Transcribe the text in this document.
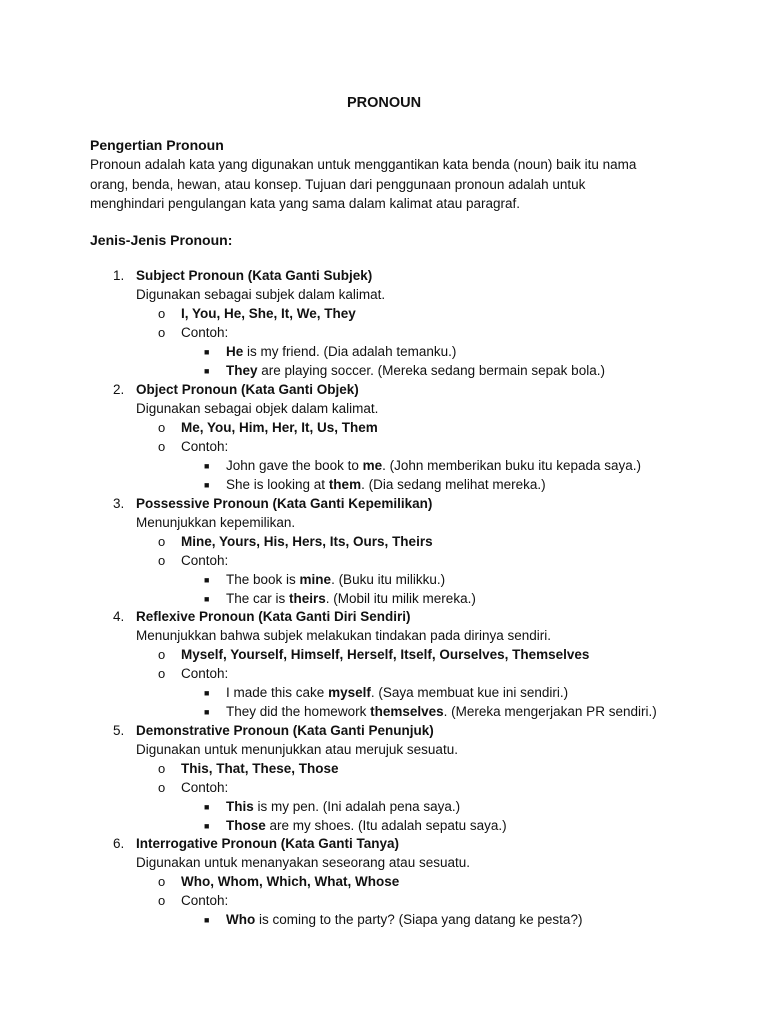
PRONOUN
Pengertian Pronoun
Pronoun adalah kata yang digunakan untuk menggantikan kata benda (noun) baik itu nama
orang, benda, hewan, atau konsep. Tujuan dari penggunaan pronoun adalah untuk
menghindari pengulangan kata yang sama dalam kalimat atau paragraf.
Jenis-Jenis Pronoun:
1. Subject Pronoun (Kata Ganti Subjek)
Digunakan sebagai subjek dalam kalimat.
o I, You, He, She, It, We, They
o Contoh:
■ He is my friend. (Dia adalah temanku.)
■ They are playing soccer. (Mereka sedang bermain sepak bola.)
2. Object Pronoun (Kata Ganti Objek)
Digunakan sebagai objek dalam kalimat.
o Me, You, Him, Her, It, Us, Them
o Contoh:
■ John gave the book to me. (John memberikan buku itu kepada saya.)
■ She is looking at them. (Dia sedang melihat mereka.)
3. Possessive Pronoun (Kata Ganti Kepemilikan)
Menunjukkan kepemilikan.
o Mine, Yours, His, Hers, Its, Ours, Theirs
o Contoh:
■ The book is mine. (Buku itu milikku.)
■ The car is theirs. (Mobil itu milik mereka.)
4. Reflexive Pronoun (Kata Ganti Diri Sendiri)
Menunjukkan bahwa subjek melakukan tindakan pada dirinya sendiri.
o Myself, Yourself, Himself, Herself, Itself, Ourselves, Themselves
o Contoh:
■ I made this cake myself. (Saya membuat kue ini sendiri.)
■ They did the homework themselves. (Mereka mengerjakan PR sendiri.)
5. Demonstrative Pronoun (Kata Ganti Penunjuk)
Digunakan untuk menunjukkan atau merujuk sesuatu.
o This, That, These, Those
o Contoh:
■ This is my pen. (Ini adalah pena saya.)
■ Those are my shoes. (Itu adalah sepatu saya.)
6. Interrogative Pronoun (Kata Ganti Tanya)
Digunakan untuk menanyakan seseorang atau sesuatu.
o Who, Whom, Which, What, Whose
o Contoh:
■ Who is coming to the party? (Siapa yang datang ke pesta?)
